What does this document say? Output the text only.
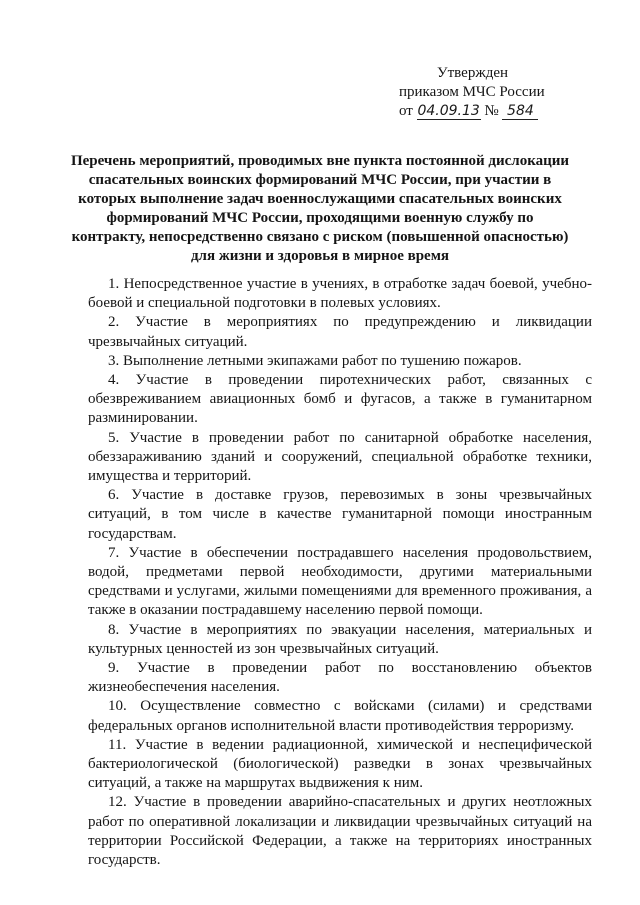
Утвержден
приказом МЧС России
от 04.09.13 № 584
Перечень мероприятий, проводимых вне пункта постоянной дислокации спасательных воинских формирований МЧС России, при участии в которых выполнение задач военнослужащими спасательных воинских формирований МЧС России, проходящими военную службу по контракту, непосредственно связано с риском (повышенной опасностью) для жизни и здоровья в мирное время

1. Непосредственное участие в учениях, в отработке задач боевой, учебно-боевой и специальной подготовки в полевых условиях.

2. Участие в мероприятиях по предупреждению и ликвидации чрезвычайных ситуаций.

3. Выполнение летными экипажами работ по тушению пожаров.

4. Участие в проведении пиротехнических работ, связанных с обезвреживанием авиационных бомб и фугасов, а также в гуманитарном разминировании.

5. Участие в проведении работ по санитарной обработке населения, обеззараживанию зданий и сооружений, специальной обработке техники, имущества и территорий.

6. Участие в доставке грузов, перевозимых в зоны чрезвычайных ситуаций, в том числе в качестве гуманитарной помощи иностранным государствам.

7. Участие в обеспечении пострадавшего населения продовольствием, водой, предметами первой необходимости, другими материальными средствами и услугами, жилыми помещениями для временного проживания, а также в оказании пострадавшему населению первой помощи.

8. Участие в мероприятиях по эвакуации населения, материальных и культурных ценностей из зон чрезвычайных ситуаций.

9. Участие в проведении работ по восстановлению объектов жизнеобеспечения населения.

10. Осуществление совместно с войсками (силами) и средствами федеральных органов исполнительной власти противодействия терроризму.

11. Участие в ведении радиационной, химической и неспецифической бактериологической (биологической) разведки в зонах чрезвычайных ситуаций, а также на маршрутах выдвижения к ним.

12. Участие в проведении аварийно-спасательных и других неотложных работ по оперативной локализации и ликвидации чрезвычайных ситуаций на территории Российской Федерации, а также на территориях иностранных государств.
